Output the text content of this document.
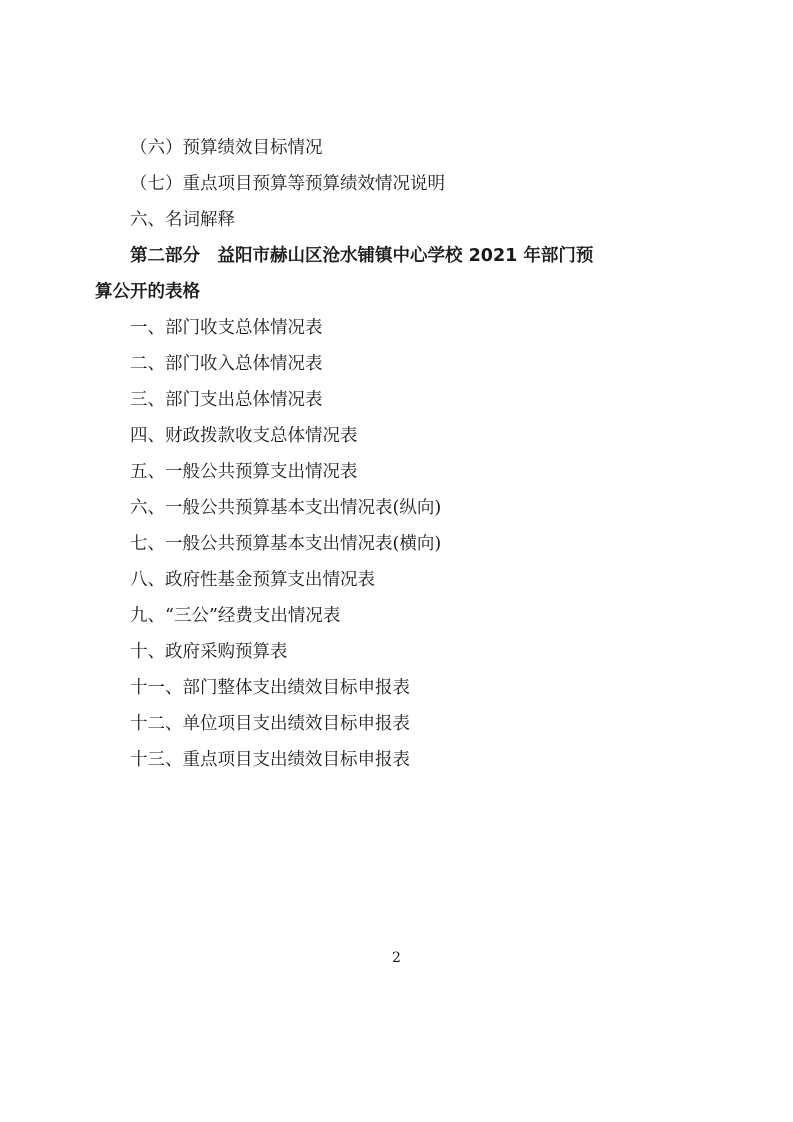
（六）预算绩效目标情况
（七）重点项目预算等预算绩效情况说明
六、名词解释
第二部分　益阳市赫山区沧水铺镇中心学校 2021 年部门预
算公开的表格
一、部门收支总体情况表
二、部门收入总体情况表
三、部门支出总体情况表
四、财政拨款收支总体情况表
五、一般公共预算支出情况表
六、一般公共预算基本支出情况表(纵向)
七、一般公共预算基本支出情况表(横向)
八、政府性基金预算支出情况表
九、“三公”经费支出情况表
十、政府采购预算表
十一、部门整体支出绩效目标申报表
十二、单位项目支出绩效目标申报表
十三、重点项目支出绩效目标申报表
2
